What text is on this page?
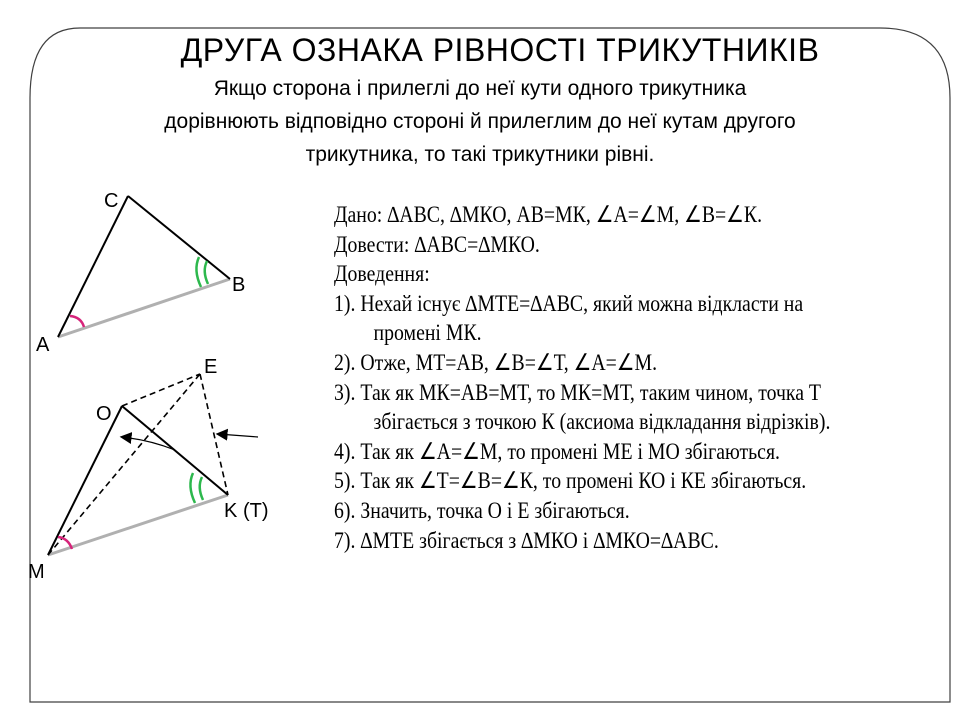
ДРУГА ОЗНАКА РІВНОСТІ ТРИКУТНИКІВ
Якщо сторона і прилеглі до неї кути одного трикутника
дорівнюють відповідно стороні й прилеглим до неї кутам другого
трикутника, то такі трикутники рівні.
C
B
A
E
O
K (T)
M
Дано: ∆АВС, ∆МКО, АВ=МК, ∠А=∠М, ∠В=∠К.
Довести: ∆АВС=∆МКО.
Доведення:
1). Нехай існує ∆МТЕ=∆АВС, який можна відкласти на
промені МК.
2). Отже, МТ=АВ, ∠В=∠Т, ∠А=∠М.
3). Так як МК=АВ=МТ, то МК=МТ, таким чином, точка Т
збігається з точкою К (аксиома відкладання відрізків).
4). Так як ∠А=∠М, то промені МЕ і МО збігаються.
5). Так як ∠Т=∠В=∠К, то промені КО і КЕ збігаються.
6). Значить, точка О і Е збігаються.
7). ∆МТЕ збігається з ∆МКО і ∆МКО=∆АВС.
